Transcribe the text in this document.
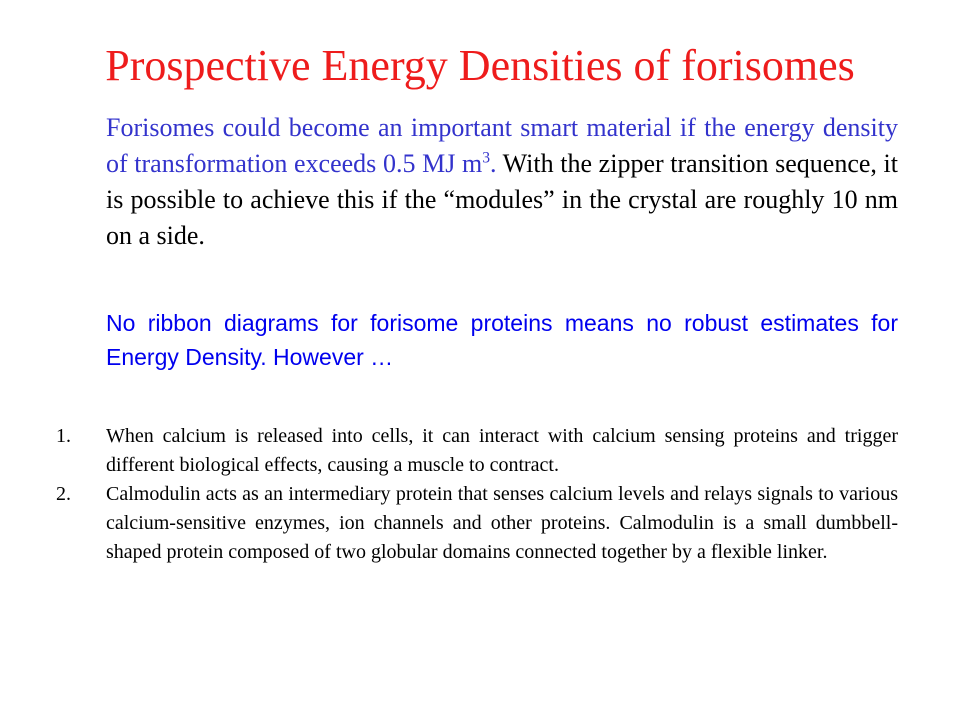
Prospective Energy Densities of forisomes

Forisomes could become an important smart material if the energy density of transformation exceeds 0.5 MJ $m^3$. With the zipper transition sequence, it is possible to achieve this if the “modules” in the crystal are roughly 10 nm on a side.

No ribbon diagrams for forisome proteins means no robust estimates for Energy Density. However …

1.	When calcium is released into cells, it can interact with calcium sensing proteins and trigger different biological effects, causing a muscle to contract.
2.	Calmodulin acts as an intermediary protein that senses calcium levels and relays signals to various calcium-sensitive enzymes, ion channels and other proteins. Calmodulin is a small dumbbell-shaped protein composed of two globular domains connected together by a flexible linker.
